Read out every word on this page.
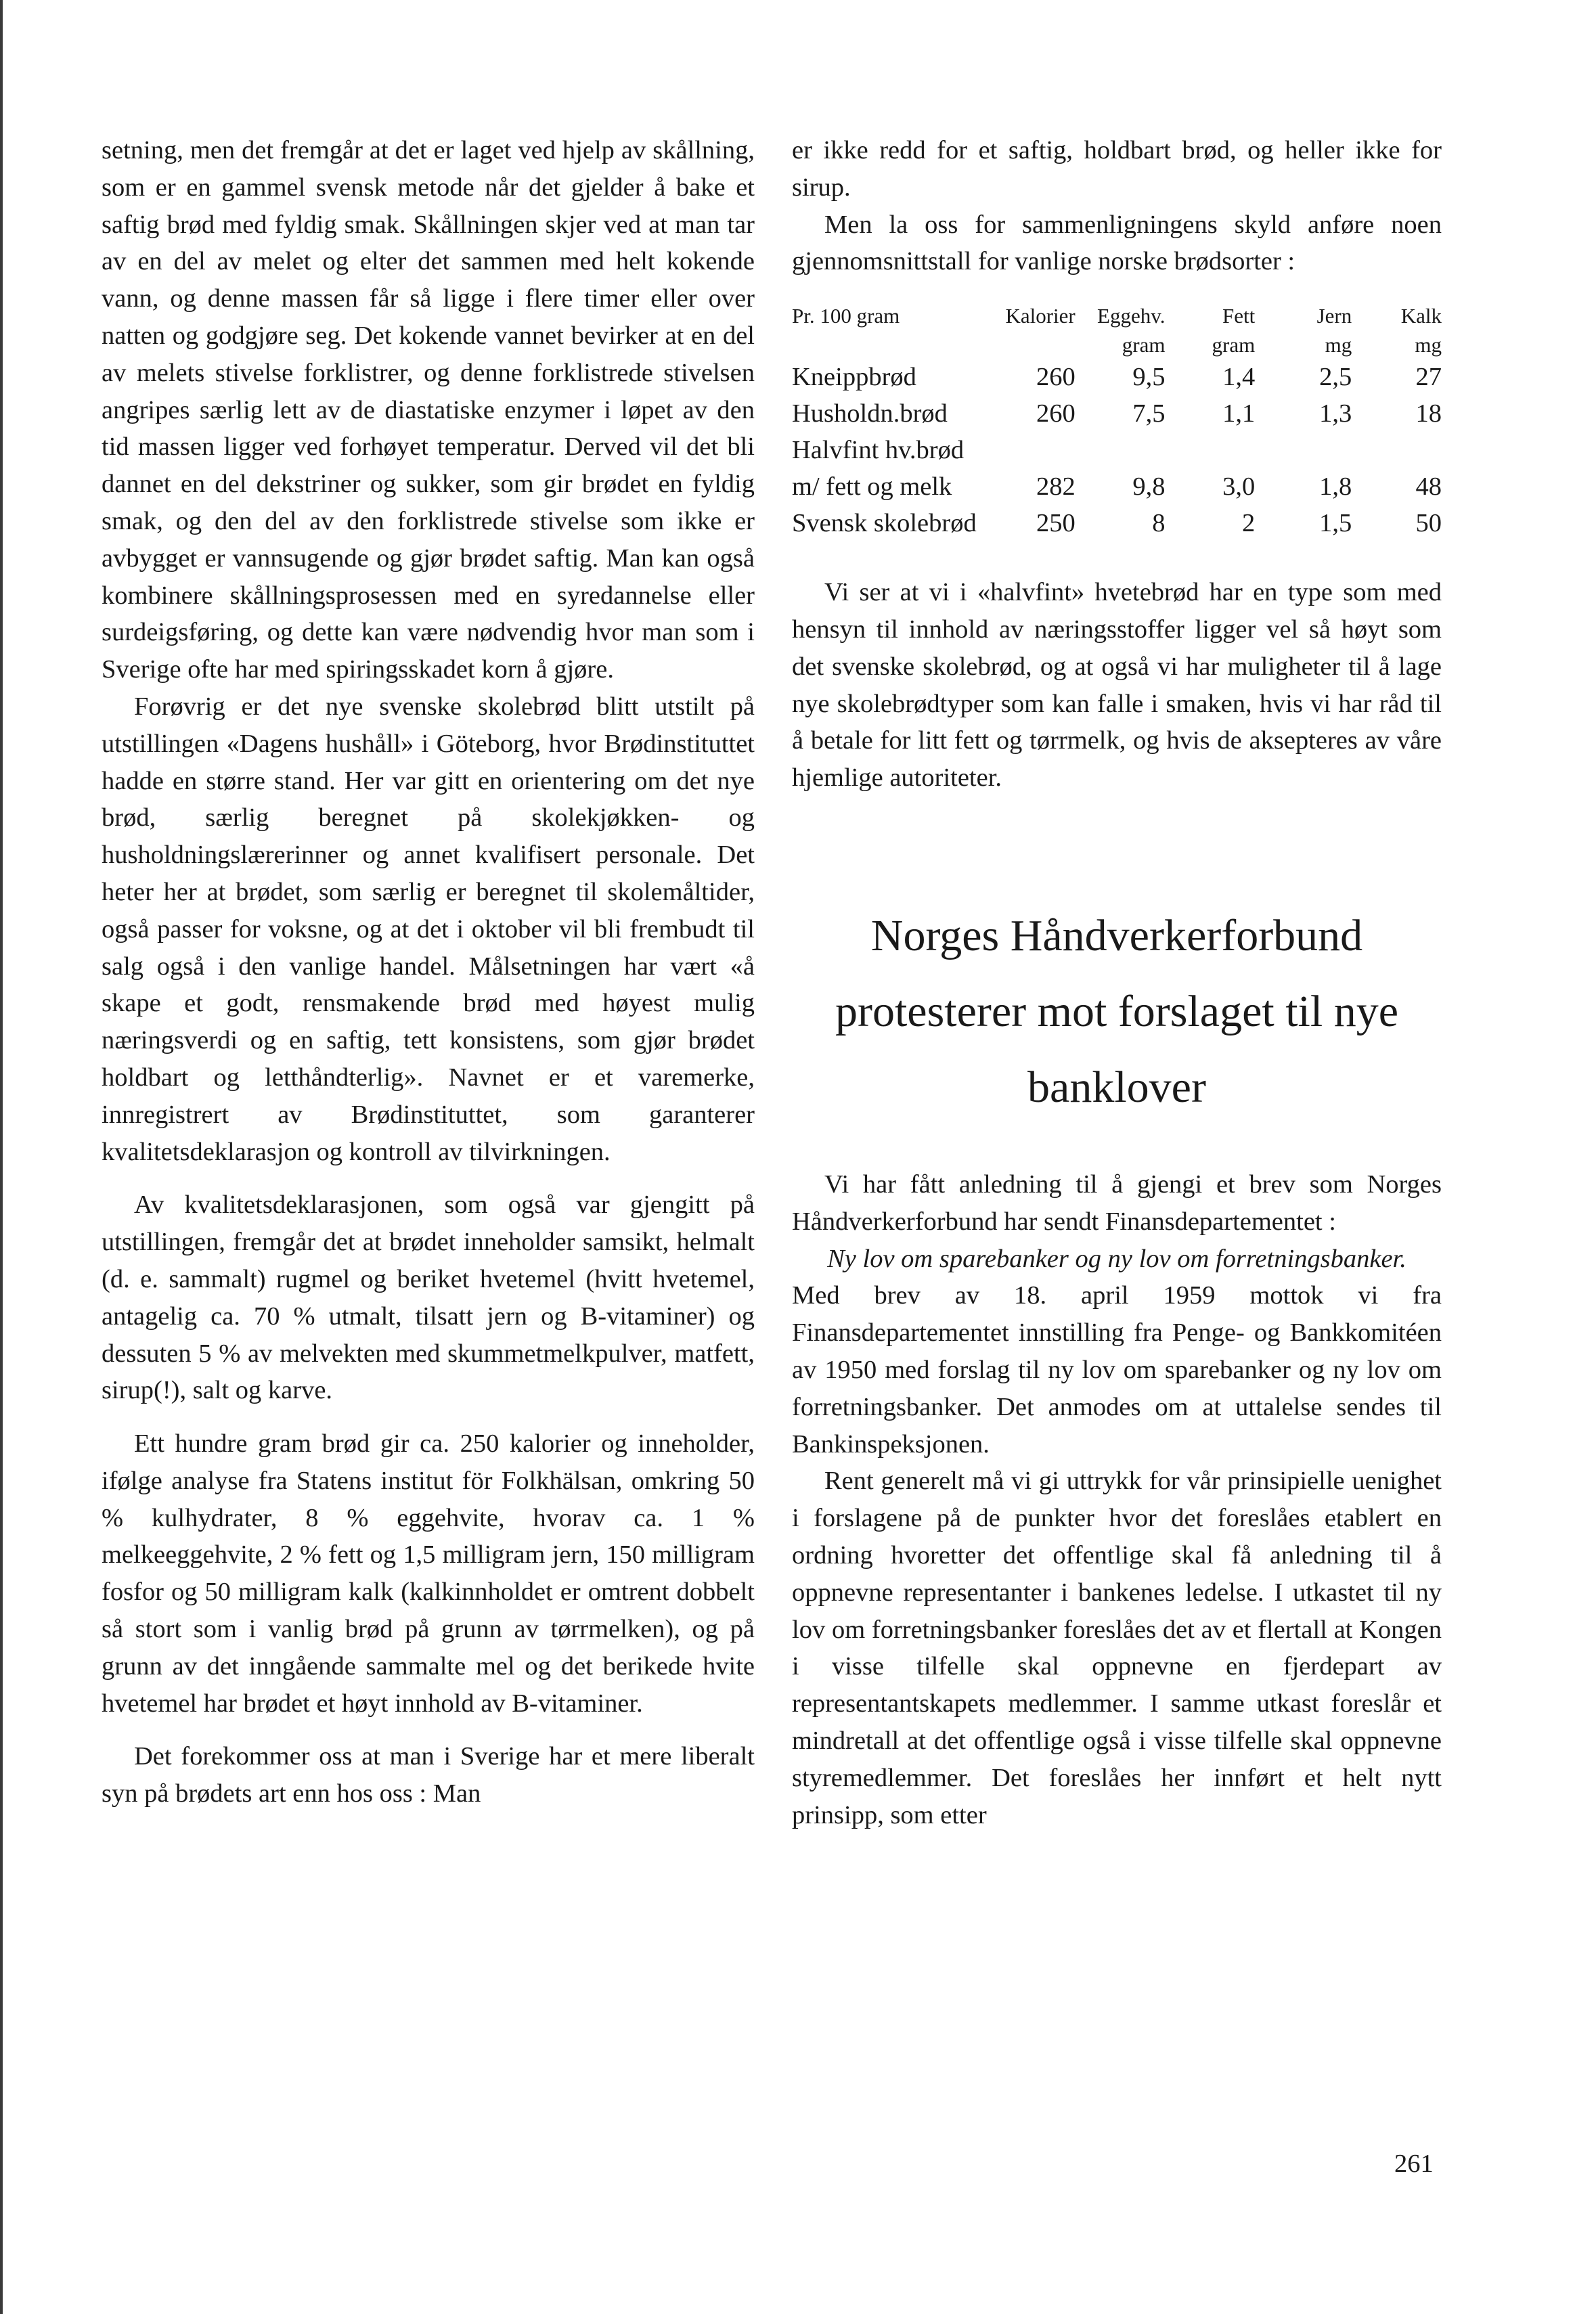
setning, men det fremgår at det er laget ved hjelp av skållning, som er en gammel svensk metode når det gjelder å bake et saftig brød med fyldig smak. Skållningen skjer ved at man tar av en del av melet og elter det sammen med helt kokende vann, og denne massen får så ligge i flere timer eller over natten og godgjøre seg. Det kokende vannet bevirker at en del av melets stivelse forklistrer, og denne forklistrede stivelsen angripes særlig lett av de diastatiske enzymer i løpet av den tid massen ligger ved forhøyet temperatur. Derved vil det bli dannet en del dekstriner og sukker, som gir brødet en fyldig smak, og den del av den forklistrede stivelse som ikke er avbygget er vannsugende og gjør brødet saftig. Man kan også kombinere skållningsprosessen med en syredannelse eller surdeigsføring, og dette kan være nødvendig hvor man som i Sverige ofte har med spiringsskadet korn å gjøre.

Forøvrig er det nye svenske skolebrød blitt utstilt på utstillingen «Dagens hushåll» i Göteborg, hvor Brødinstituttet hadde en større stand. Her var gitt en orientering om det nye brød, særlig beregnet på skolekjøkken- og husholdningslærerinner og annet kvalifisert personale. Det heter her at brødet, som særlig er beregnet til skolemåltider, også passer for voksne, og at det i oktober vil bli frembudt til salg også i den vanlige handel. Målsetningen har vært «å skape et godt, rensmakende brød med høyest mulig næringsverdi og en saftig, tett konsistens, som gjør brødet holdbart og letthåndterlig». Navnet er et varemerke, innregistrert av Brødinstituttet, som garanterer kvalitetsdeklarasjon og kontroll av tilvirkningen.

Av kvalitetsdeklarasjonen, som også var gjengitt på utstillingen, fremgår det at brødet inneholder samsikt, helmalt (d. e. sammalt) rugmel og beriket hvetemel (hvitt hvetemel, antagelig ca. 70 % utmalt, tilsatt jern og B-vitaminer) og dessuten 5 % av melvekten med skummetmelkpulver, matfett, sirup(!), salt og karve.

Ett hundre gram brød gir ca. 250 kalorier og inneholder, ifølge analyse fra Statens institut för Folkhälsan, omkring 50 % kulhydrater, 8 % eggehvite, hvorav ca. 1 % melkeeggehvite, 2 % fett og 1,5 milligram jern, 150 milligram fosfor og 50 milligram kalk (kalkinnholdet er omtrent dobbelt så stort som i vanlig brød på grunn av tørrmelken), og på grunn av det inngående sammalte mel og det berikede hvite hvetemel har brødet et høyt innhold av B-vitaminer.

Det forekommer oss at man i Sverige har et mere liberalt syn på brødets art enn hos oss : Man

er ikke redd for et saftig, holdbart brød, og heller ikke for sirup.

Men la oss for sammenligningens skyld anføre noen gjennomsnittstall for vanlige norske brødsorter :

Pr. 100 gram	Kalorier	Eggehv.	Fett	Jern	Kalk
		gram	gram	mg	mg
Kneippbrød	260	9,5	1,4	2,5	27
Husholdn.brød	260	7,5	1,1	1,3	18
Halvfint hv.brød					
m/ fett og melk	282	9,8	3,0	1,8	48
Svensk skolebrød	250	8	2	1,5	50

Vi ser at vi i «halvfint» hvetebrød har en type som med hensyn til innhold av næringsstoffer ligger vel så høyt som det svenske skolebrød, og at også vi har muligheter til å lage nye skolebrødtyper som kan falle i smaken, hvis vi har råd til å betale for litt fett og tørrmelk, og hvis de aksepteres av våre hjemlige autoriteter.

Norges Håndverkerforbund protesterer mot forslaget til nye banklover

Vi har fått anledning til å gjengi et brev som Norges Håndverkerforbund har sendt Finansdepartementet :

Ny lov om sparebanker og ny lov om forretningsbanker.

Med brev av 18. april 1959 mottok vi fra Finansdepartementet innstilling fra Penge- og Bankkomitéen av 1950 med forslag til ny lov om sparebanker og ny lov om forretningsbanker. Det anmodes om at uttalelse sendes til Bankinspeksjonen.

Rent generelt må vi gi uttrykk for vår prinsipielle uenighet i forslagene på de punkter hvor det foreslåes etablert en ordning hvoretter det offentlige skal få anledning til å oppnevne representanter i bankenes ledelse. I utkastet til ny lov om forretningsbanker foreslåes det av et flertall at Kongen i visse tilfelle skal oppnevne en fjerdepart av representantskapets medlemmer. I samme utkast foreslår et mindretall at det offentlige også i visse tilfelle skal oppnevne styremedlemmer. Det foreslåes her innført et helt nytt prinsipp, som etter

261
